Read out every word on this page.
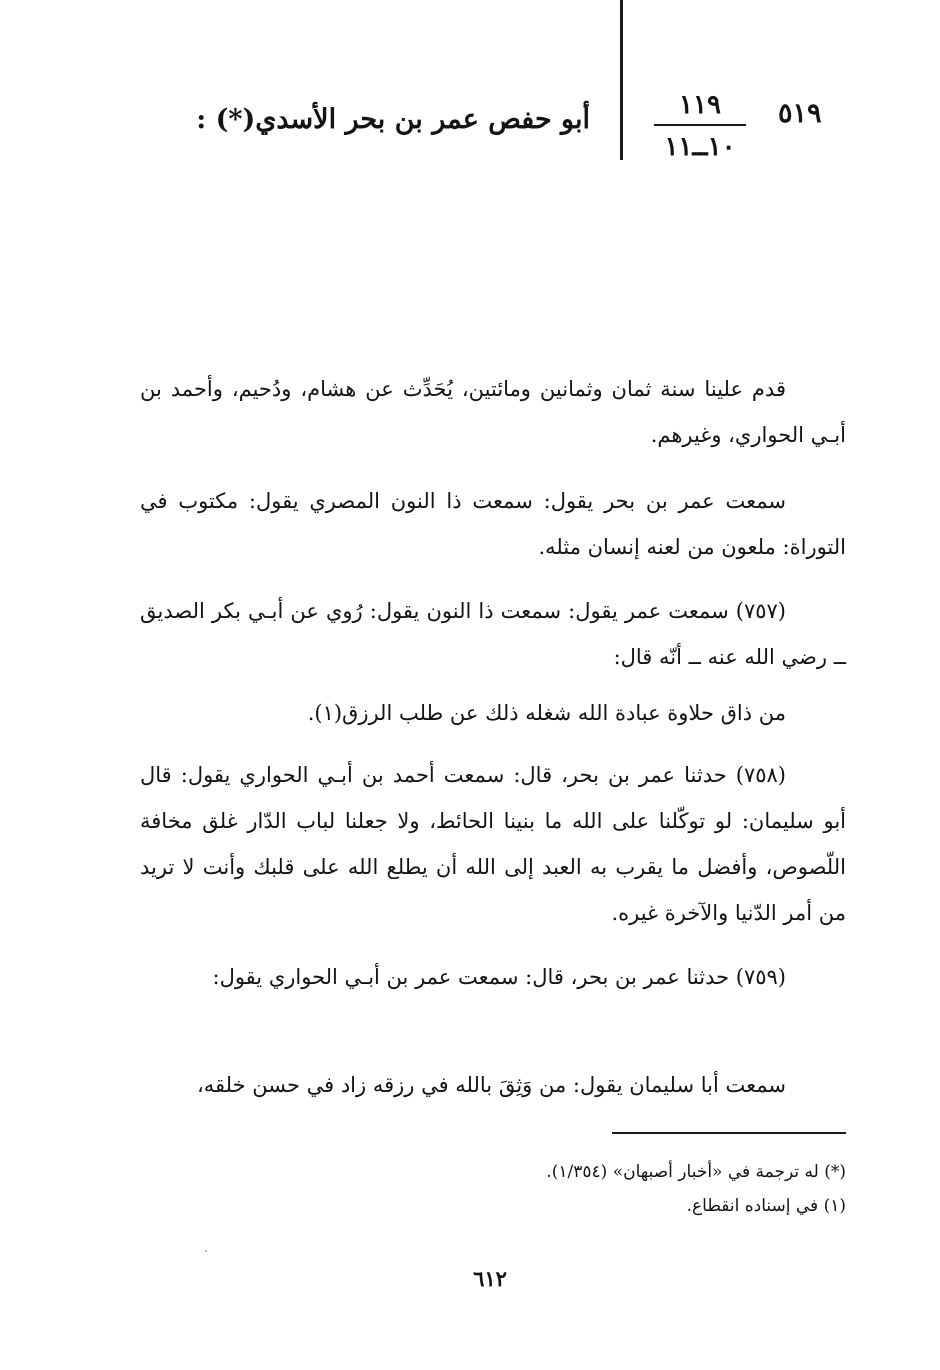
٥١٩
١١٩
١٠ــ١١
أبو حفص عمر بن بحر الأسدي(*) :

قدم علينا سنة ثمان وثمانين ومائتين، يُحَدِّث عن هشام، ودُحيم، وأحمد بن أبـي الحواري، وغيرهم.

سمعت عمر بن بحر يقول: سمعت ذا النون المصري يقول: مكتوب في التوراة: ملعون من لعنه إنسان مثله.

(٧٥٧) سمعت عمر يقول: سمعت ذا النون يقول: رُوي عن أبـي بكر الصديق ــ رضي الله عنه ــ أنّه قال:

من ذاق حلاوة عبادة الله شغله ذلك عن طلب الرزق(١).

(٧٥٨) حدثنا عمر بن بحر، قال: سمعت أحمد بن أبـي الحواري يقول: قال أبو سليمان: لو توكّلنا على الله ما بنينا الحائط، ولا جعلنا لباب الدّار غلق مخافة اللّصوص، وأفضل ما يقرب به العبد إلى الله أن يطلع الله على قلبك وأنت لا تريد من أمر الدّنيا والآخرة غيره.

(٧٥٩) حدثنا عمر بن بحر، قال: سمعت عمر بن أبـي الحواري يقول:

سمعت أبا سليمان يقول: من وَثِقَ بالله في رزقه زاد في حسن خلقه،

(*) له ترجمة في «أخبار أصبهان» (١/٣٥٤).
(١) في إسناده انقطاع.
٦١٢
